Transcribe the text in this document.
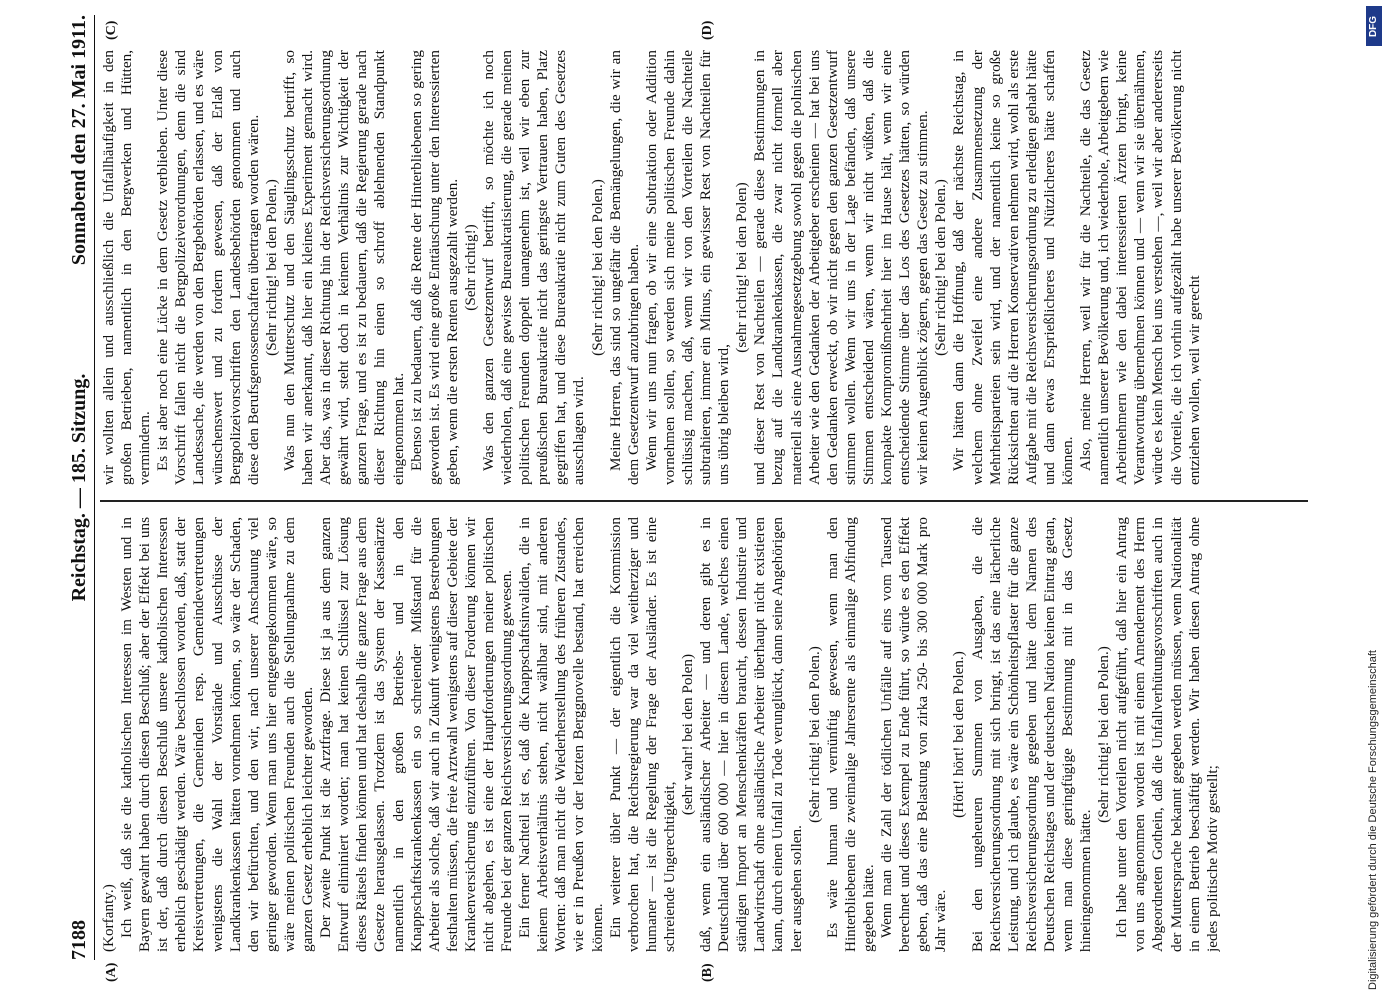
7188
Reichstag. — 185. Sitzung.
Sonnabend den 27. Mai 1911.
(A)	(B)
(C)	(D)

(Korfanty.) Ich weiß, daß sie die katholischen Interessen im Westen und in Bayern gewahrt haben durch diesen Beschluß; aber der Effekt bei uns ist der, daß durch diesen Beschluß unsere katholischen Interessen erheblich geschädigt werden. Wäre beschlossen worden, daß, statt der Kreisvertretungen, die Gemeinden resp. Gemeindevertretungen wenigstens die Wahl der Vorstände und Ausschüsse der Landkrankenkassen hätten vornehmen können, so wäre der Schaden, den wir befürchten, und den wir, nach unserer Anschauung viel geringer geworden. Wenn man uns hier entgegengekommen wäre, so wäre meinen politischen Freunden auch die Stellungnahme zu dem ganzen Gesetz erheblich leichter geworden. Der zweite Punkt ist die Arztfrage. Diese ist ja aus dem ganzen Entwurf eliminiert worden; man hat keinen Schlüssel zur Lösung dieses Rätsels finden können und hat deshalb die ganze Frage aus dem Gesetze herausgelassen. Trotzdem ist das System der Kassenärzte namentlich in den großen Betriebs- und in den Knappschaftskrankenkassen ein so schreiender Mißstand für die Arbeiter als solche, daß wir auch in Zukunft wenigstens Bestrebungen festhalten müssen, die freie Arztwahl wenigstens auf dieser Gebiete der Krankenversicherung einzuführen. Von dieser Forderung können wir nicht abgehen, es ist eine der Hauptforderungen meiner politischen Freunde bei der ganzen Reichsversicherungsordnung gewesen. Ein ferner Nachteil ist es, daß die Knappschaftsinvaliden, die in keinem Arbeitsverhältnis stehen, nicht wählbar sind, mit anderen Worten: daß man nicht die Wiederherstellung des früheren Zustandes, wie er in Preußen vor der letzten Berggnovelle bestand, hat erreichen können. Ein weiterer übler Punkt — der eigentlich die Kommission verbrochen hat, die Reichsregierung war da viel weitherziger und humaner — ist die Regelung der Frage der Ausländer. Es ist eine schreiende Ungerechtigkeit,

(sehr wahr! bei den Polen) daß, wenn ein ausländischer Arbeiter — und deren gibt es in Deutschland über 600 000 — hier in diesem Lande, welches einen ständigen Import an Menschenkräften braucht, dessen Industrie und Landwirtschaft ohne ausländische Arbeiter überhaupt nicht existieren kann, durch einen Unfall zu Tode verunglückt, dann seine Angehörigen leer ausgehen sollen.

(Sehr richtig! bei den Polen.) Es wäre human und vernünftig gewesen, wenn man den Hinterbliebenen die zweimalige Jahresrente als einmalige Abfindung gegeben hätte. Wenn man die Zahl der tödlichen Unfälle auf eins vom Tausend berechnet und dieses Exempel zu Ende führt, so würde es den Effekt geben, daß das eine Belastung von zirka 250- bis 300 000 Mark pro Jahr wäre.

(Hört! hört! bei den Polen.) Bei den ungeheuren Summen von Ausgaben, die die Reichsversicherungsordnung mit sich bringt, ist das eine lächerliche Leistung, und ich glaube, es wäre ein Schönheitspflaster für die ganze Reichsversicherungsordnung gegeben und hätte dem Namen des Deutschen Reichstages und der deutschen Nation keinen Eintrag getan, wenn man diese geringfügige Bestimmung mit in das Gesetz hineingenommen hätte.

(Sehr richtig! bei den Polen.) Ich habe unter den Vorteilen nicht aufgeführt, daß hier ein Antrag von uns angenommen worden ist mit einem Amendement des Herrn Abgeordneten Gothein, daß die Unfallverhütungsvorschriften auch in der Muttersprache bekannt gegeben werden müssen, wenn Nationalität in einem Betrieb beschäftigt werden. Wir haben diesen Antrag ohne jedes politische Motiv gestellt;

wir wollten allein und ausschließlich die Unfallhäufigkeit in den großen Betrieben, namentlich in den Bergwerken und Hütten, vermindern. Es ist aber noch eine Lücke in dem Gesetz verblieben. Unter diese Vorschrift fallen nicht die Bergpolizeiverordnungen, denn die sind Landessache, die werden von den Bergbehörden erlassen, und es wäre wünschenswert und zu fordern gewesen, daß der Erlaß von Bergpolizeivorschriften den Landesbehörden genommen und auch diese den Berufsgenossenschaften übertragen worden wären. (Sehr richtig! bei den Polen.) Was nun den Mutterschutz und den Säuglingsschutz betrifft, so haben wir anerkannt, daß hier ein kleines Experiment gemacht wird. Aber das, was in dieser Richtung hin der Reichsversicherungsordnung gewährt wird, steht doch in keinem Verhältnis zur Wichtigkeit der ganzen Frage, und es ist zu bedauern, daß die Regierung gerade nach dieser Richtung hin einen so schroff ablehnenden Standpunkt eingenommen hat. Ebenso ist zu bedauern, daß die Rente der Hinterbliebenen so gering geworden ist. Es wird eine große Enttäuschung unter den Interessierten geben, wenn die ersten Renten ausgezahlt werden. (Sehr richtig!) Was den ganzen Gesetzentwurf betrifft, so möchte ich noch wiederholen, daß eine gewisse Bureaukratisierung, die gerade meinen politischen Freunden doppelt unangenehm ist, weil wir eben zur preußischen Bureaukratie nicht das geringste Vertrauen haben, Platz gegriffen hat, und diese Bureaukratie nicht zum Guten des Gesetzes ausschlagen wird.

(Sehr richtig! bei den Polen.) Meine Herren, das sind so ungefähr die Bemängelungen, die wir an dem Gesetzentwurf anzubringen haben. Wenn wir uns nun fragen, ob wir eine Subtraktion oder Addition vornehmen sollen, so werden sich meine politischen Freunde dahin schlüssig machen, daß, wenn wir von den Vorteilen die Nachteile subtrahieren, immer ein Minus, ein gewisser Rest von Nachteilen für uns übrig bleiben wird,

(sehr richtig! bei den Polen) und dieser Rest von Nachteilen — gerade diese Bestimmungen in bezug auf die Landkrankenkassen, die zwar nicht formell aber materiell als eine Ausnahmegesetzgebung sowohl gegen die polnischen Arbeiter wie den Gedanken der Arbeitgeber erscheinen — hat bei uns den Gedanken erweckt, ob wir nicht gegen den ganzen Gesetzentwurf stimmen wollen. Wenn wir uns in der Lage befänden, daß unsere Stimmen entscheidend wären, wenn wir nicht wüßten, daß die kompakte Kompromißmehrheit hier im Hause hält, wenn wir eine entscheidende Stimme über das Los des Gesetzes hätten, so würden wir keinen Augenblick zögern, gegen das Gesetz zu stimmen. (Sehr richtig! bei den Polen.) Wir hätten dann die Hoffnung, daß der nächste Reichstag, in welchem ohne Zweifel eine andere Zusammensetzung der Mehrheitsparteien sein wird, und der namentlich keine so große Rücksichten auf die Herren Konservativen nehmen wird, wohl als erste Aufgabe mit die Reichsversicherungsordnung zu erledigen gehabt hätte und dann etwas Ersprießlicheres und Nützlicheres hätte schaffen können. Also, meine Herren, weil wir für die Nachteile, die das Gesetz namentlich unserer Bevölkerung und, ich wiederhole, Arbeitgebern wie Arbeitnehmern wie den dabei interessierten Ärzten bringt, keine Verantwortung übernehmen können und — wenn wir sie übernähmen, würde es kein Mensch bei uns verstehen —, weil wir aber andererseits die Vorteile, die ich vorhin aufgezählt habe unserer Bevölkerung nicht entziehen wollen, weil wir gerecht

DFG
Digitalisierung gefördert durch die Deutsche Forschungsgemeinschaft
